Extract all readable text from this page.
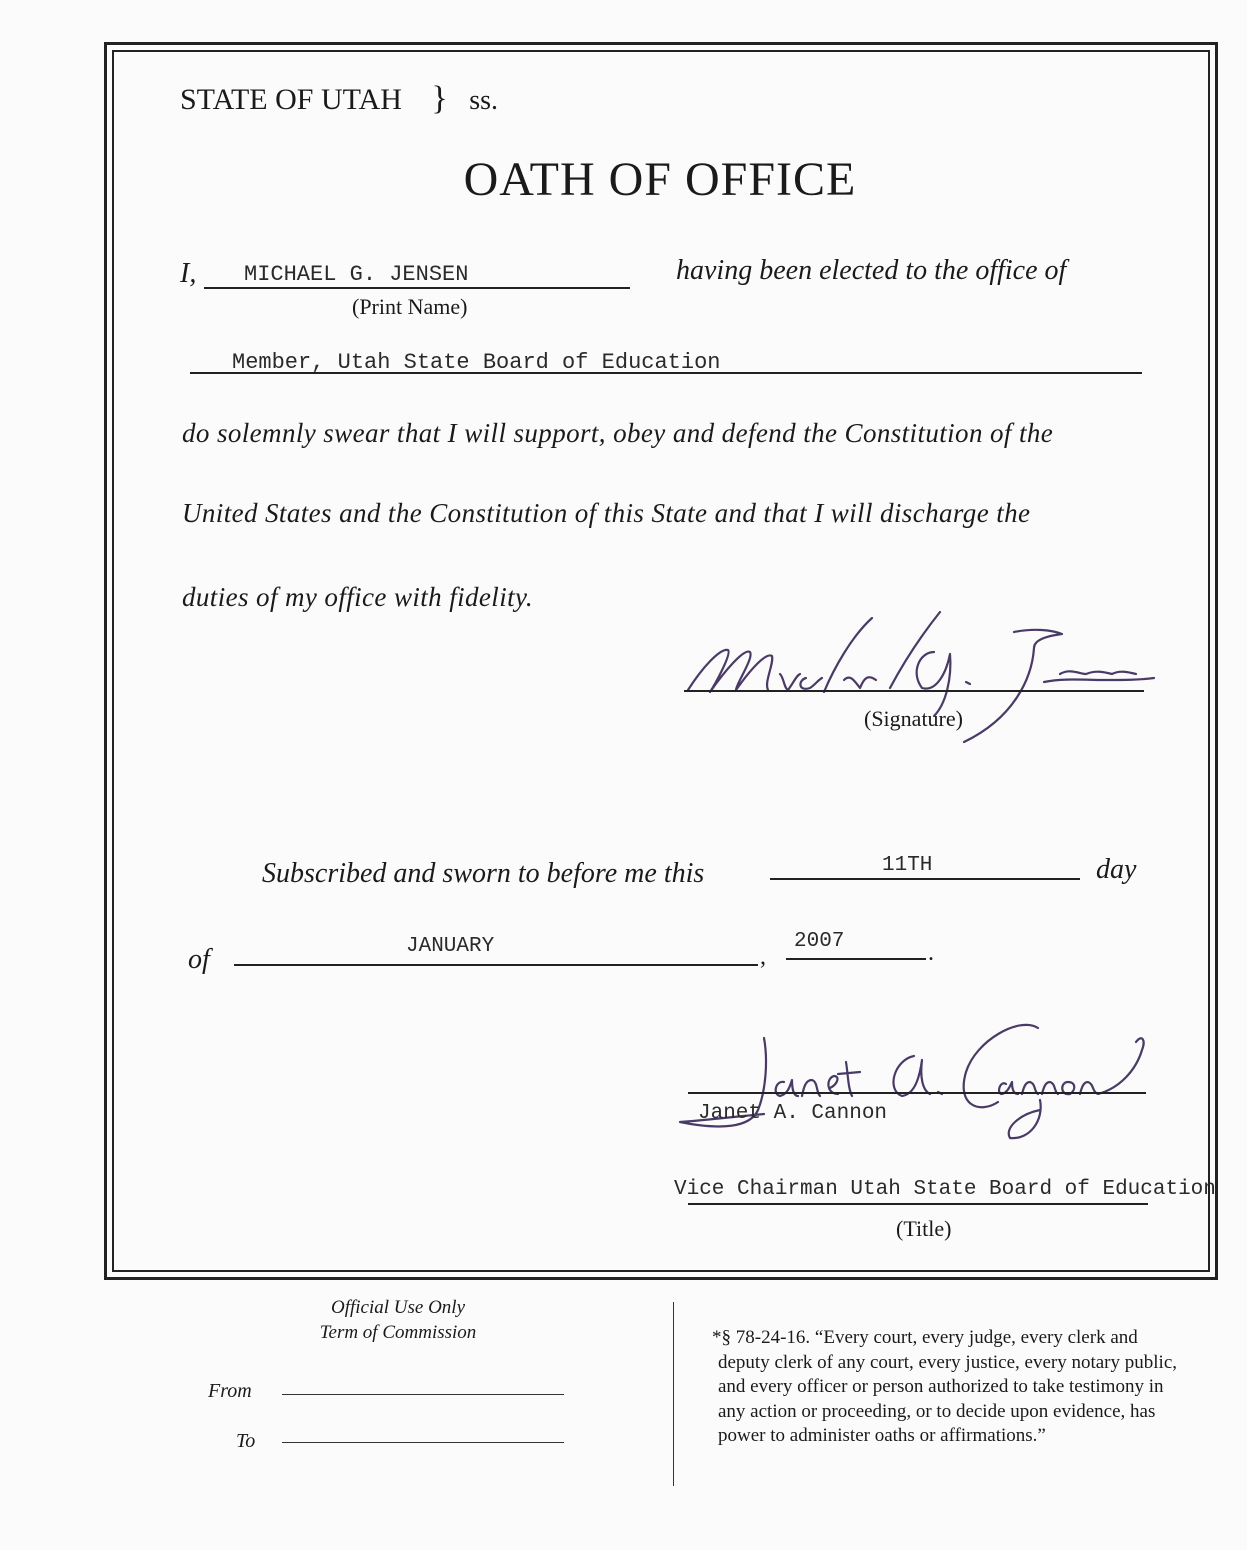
STATE OF UTAH } ss.
OATH OF OFFICE
I, MICHAEL G. JENSEN
(Print Name)
having been elected to the office of
Member, Utah State Board of Education
do solemnly swear that I will support, obey and defend the Constitution of the
United States and the Constitution of this State and that I will discharge the
duties of my office with fidelity.
(Signature)
Subscribed and sworn to before me this	11TH	day
of	JANUARY	,
2007	.
Janet A. Cannon
Vice Chairman Utah State Board of Education
(Title)
Official Use Only
Term of Commission
From
To
*§ 78-24-16. “Every court, every judge, every clerk and
deputy clerk of any court, every justice, every notary public,
and every officer or person authorized to take testimony in
any action or proceeding, or to decide upon evidence, has
power to administer oaths or affirmations.”
